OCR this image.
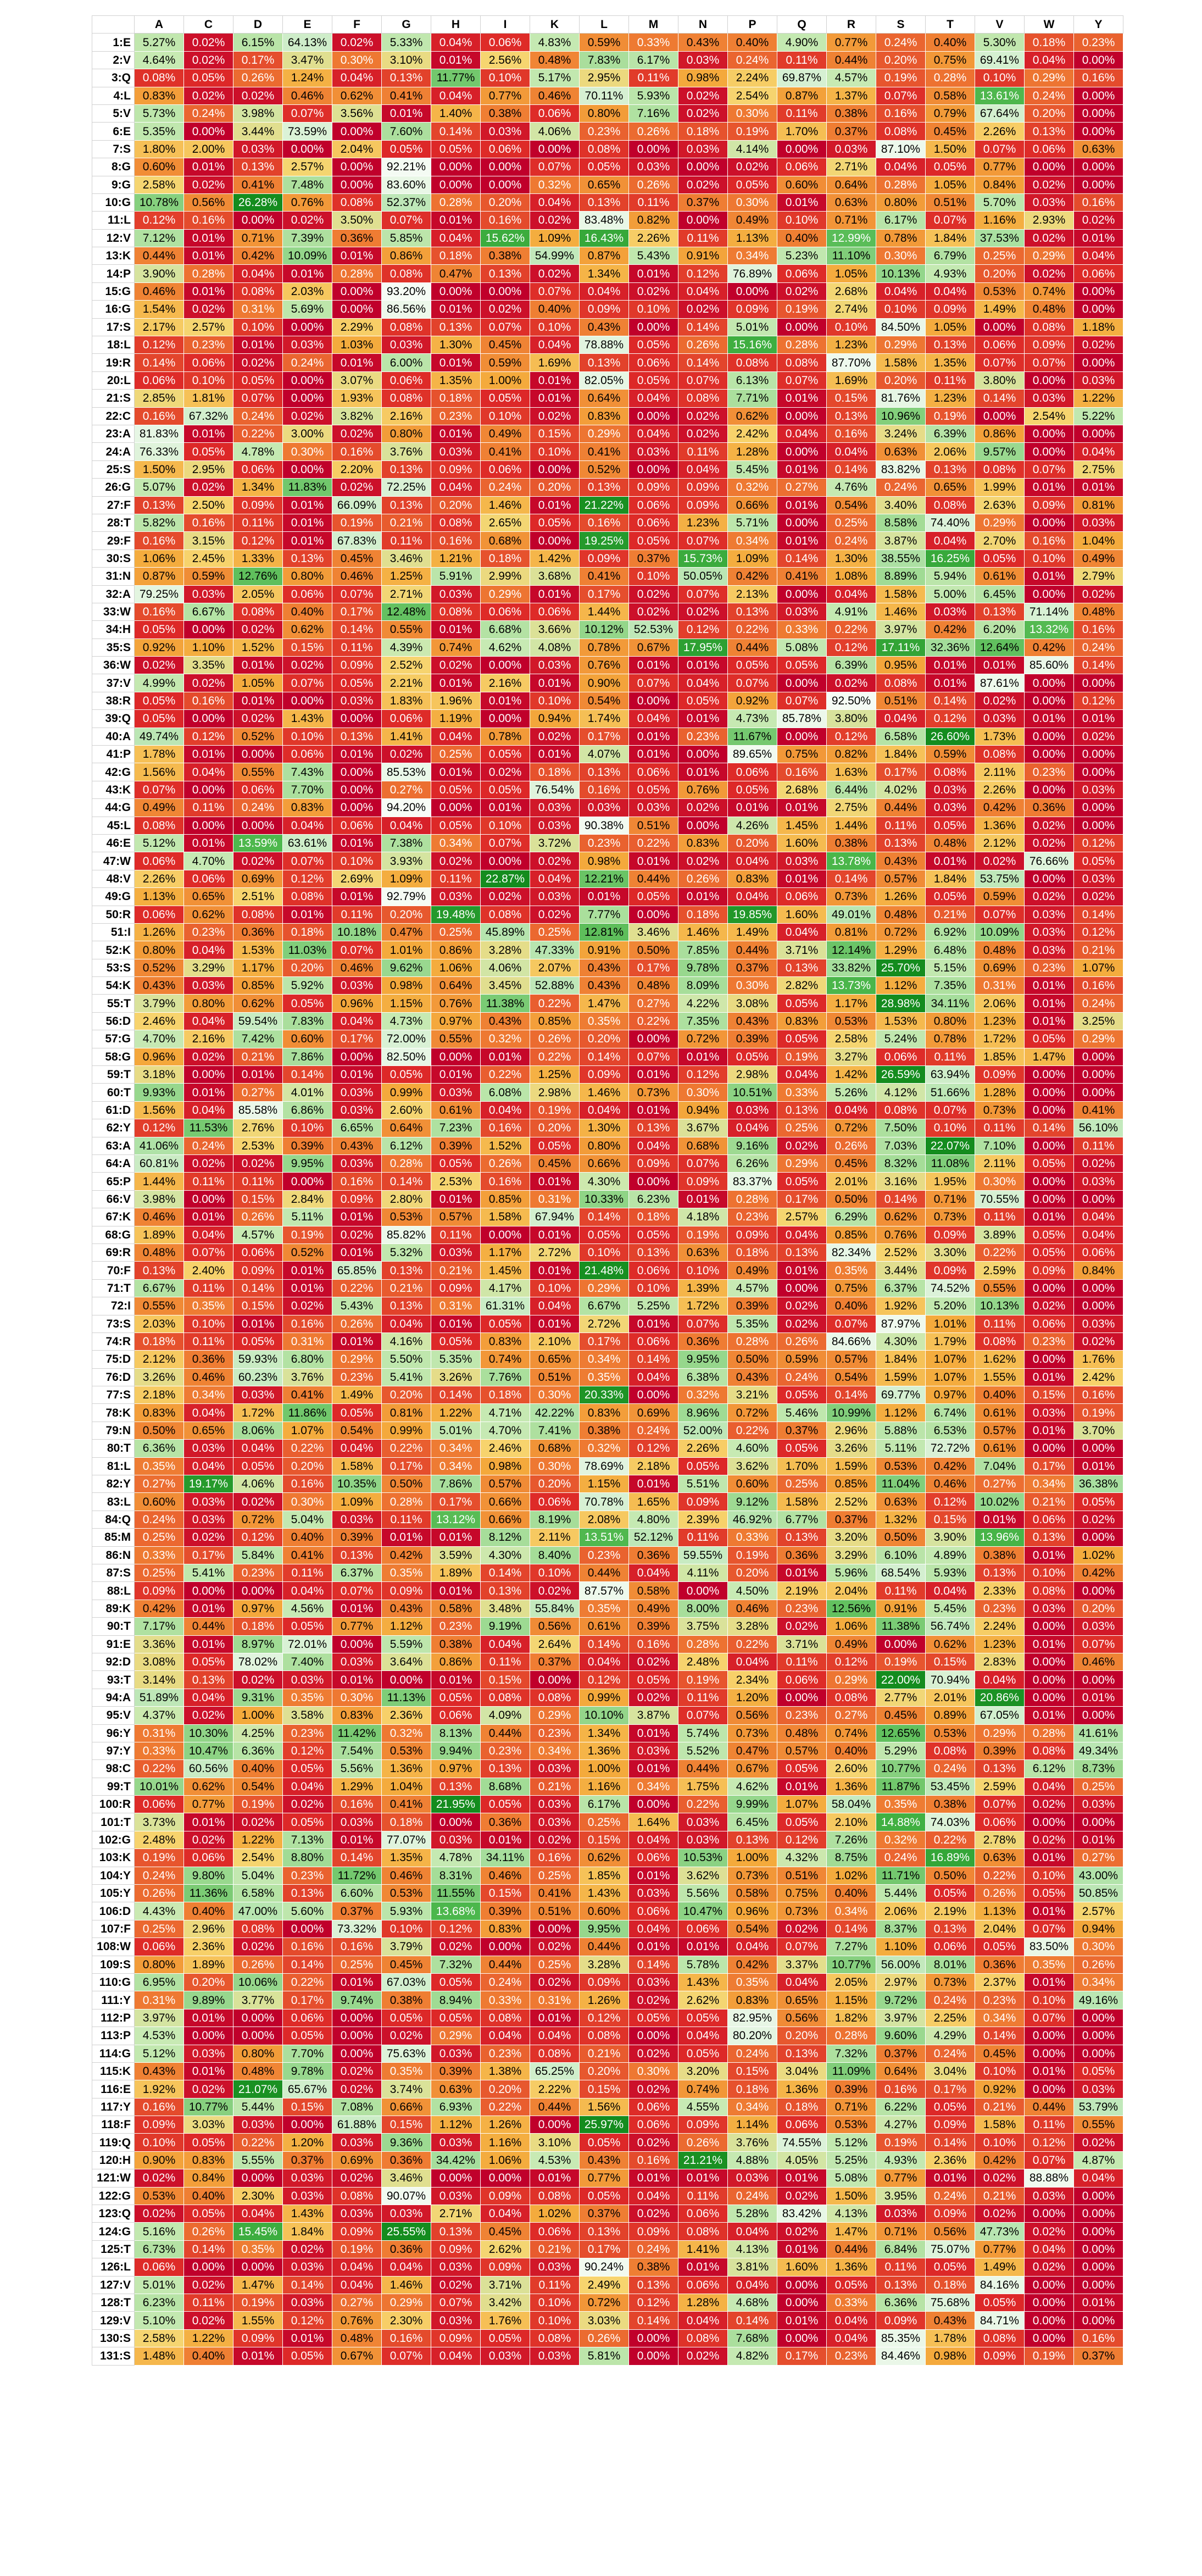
	A	C	D	E	F	G	H	I	K	L	M	N	P	Q	R	S	T	V	W	Y
1:E	5.27%	0.02%	6.15%	64.13%	0.02%	5.33%	0.04%	0.06%	4.83%	0.59%	0.33%	0.43%	0.40%	4.90%	0.77%	0.24%	0.40%	5.30%	0.18%	0.23%
2:V	4.64%	0.02%	0.17%	3.47%	0.30%	3.10%	0.01%	2.56%	0.48%	7.83%	6.17%	0.03%	0.24%	0.11%	0.44%	0.20%	0.75%	69.41%	0.04%	0.00%
3:Q	0.08%	0.05%	0.26%	1.24%	0.04%	0.13%	11.77%	0.10%	5.17%	2.95%	0.11%	0.98%	2.24%	69.87%	4.57%	0.19%	0.28%	0.10%	0.29%	0.16%
4:L	0.83%	0.02%	0.02%	0.46%	0.62%	0.41%	0.04%	0.77%	0.46%	70.11%	5.93%	0.02%	2.54%	0.87%	1.37%	0.07%	0.58%	13.61%	0.24%	0.00%
5:V	5.73%	0.24%	3.98%	0.07%	3.56%	0.01%	1.40%	0.38%	0.06%	0.80%	7.16%	0.02%	0.30%	0.11%	0.38%	0.16%	0.79%	67.64%	0.20%	0.00%
6:E	5.35%	0.00%	3.44%	73.59%	0.00%	7.60%	0.14%	0.03%	4.06%	0.23%	0.26%	0.18%	0.19%	1.70%	0.37%	0.08%	0.45%	2.26%	0.13%	0.00%
7:S	1.80%	2.00%	0.03%	0.00%	2.04%	0.05%	0.05%	0.06%	0.00%	0.08%	0.00%	0.03%	4.14%	0.00%	0.03%	87.10%	1.50%	0.07%	0.06%	0.63%
8:G	0.60%	0.01%	0.13%	2.57%	0.00%	92.21%	0.00%	0.00%	0.07%	0.05%	0.03%	0.00%	0.02%	0.06%	2.71%	0.04%	0.05%	0.77%	0.00%	0.00%
9:G	2.58%	0.02%	0.41%	7.48%	0.00%	83.60%	0.00%	0.00%	0.32%	0.65%	0.26%	0.02%	0.05%	0.60%	0.64%	0.28%	1.05%	0.84%	0.02%	0.00%
10:G	10.78%	0.56%	26.28%	0.76%	0.08%	52.37%	0.28%	0.20%	0.04%	0.13%	0.11%	0.37%	0.30%	0.01%	0.63%	0.80%	0.51%	5.70%	0.03%	0.16%
11:L	0.12%	0.16%	0.00%	0.02%	3.50%	0.07%	0.01%	0.16%	0.02%	83.48%	0.82%	0.00%	0.49%	0.10%	0.71%	6.17%	0.07%	1.16%	2.93%	0.02%
12:V	7.12%	0.01%	0.71%	7.39%	0.36%	5.85%	0.04%	15.62%	1.09%	16.43%	2.26%	0.11%	1.13%	0.40%	12.99%	0.78%	1.84%	37.53%	0.02%	0.01%
13:K	0.44%	0.01%	0.42%	10.09%	0.01%	0.86%	0.18%	0.38%	54.99%	0.87%	5.43%	0.91%	0.34%	5.23%	11.10%	0.30%	6.79%	0.25%	0.29%	0.04%
14:P	3.90%	0.28%	0.04%	0.01%	0.28%	0.08%	0.47%	0.13%	0.02%	1.34%	0.01%	0.12%	76.89%	0.06%	1.05%	10.13%	4.93%	0.20%	0.02%	0.06%
15:G	0.46%	0.01%	0.08%	2.03%	0.00%	93.20%	0.00%	0.00%	0.07%	0.04%	0.02%	0.04%	0.00%	0.02%	2.68%	0.04%	0.04%	0.53%	0.74%	0.00%
16:G	1.54%	0.02%	0.31%	5.69%	0.00%	86.56%	0.01%	0.02%	0.40%	0.09%	0.10%	0.02%	0.09%	0.19%	2.74%	0.10%	0.09%	1.49%	0.48%	0.00%
17:S	2.17%	2.57%	0.10%	0.00%	2.29%	0.08%	0.13%	0.07%	0.10%	0.43%	0.00%	0.14%	5.01%	0.00%	0.10%	84.50%	1.05%	0.00%	0.08%	1.18%
18:L	0.12%	0.23%	0.01%	0.03%	1.03%	0.03%	1.30%	0.45%	0.04%	78.88%	0.05%	0.26%	15.16%	0.28%	1.23%	0.29%	0.13%	0.06%	0.09%	0.02%
19:R	0.14%	0.06%	0.02%	0.24%	0.01%	6.00%	0.01%	0.59%	1.69%	0.13%	0.06%	0.14%	0.08%	0.08%	87.70%	1.58%	1.35%	0.07%	0.07%	0.00%
20:L	0.06%	0.10%	0.05%	0.00%	3.07%	0.06%	1.35%	1.00%	0.01%	82.05%	0.05%	0.07%	6.13%	0.07%	1.69%	0.20%	0.11%	3.80%	0.00%	0.03%
21:S	2.85%	1.81%	0.07%	0.00%	1.93%	0.08%	0.18%	0.05%	0.01%	0.64%	0.04%	0.08%	7.71%	0.01%	0.15%	81.76%	1.23%	0.14%	0.03%	1.22%
22:C	0.16%	67.32%	0.24%	0.02%	3.82%	2.16%	0.23%	0.10%	0.02%	0.83%	0.00%	0.02%	0.62%	0.00%	0.13%	10.96%	0.19%	0.00%	2.54%	5.22%
23:A	81.83%	0.01%	0.22%	3.00%	0.02%	0.80%	0.01%	0.49%	0.15%	0.29%	0.04%	0.02%	2.42%	0.04%	0.16%	3.24%	6.39%	0.86%	0.00%	0.00%
24:A	76.33%	0.05%	4.78%	0.30%	0.16%	3.76%	0.03%	0.41%	0.10%	0.41%	0.03%	0.11%	1.28%	0.00%	0.04%	0.63%	2.06%	9.57%	0.00%	0.04%
25:S	1.50%	2.95%	0.06%	0.00%	2.20%	0.13%	0.09%	0.06%	0.00%	0.52%	0.00%	0.04%	5.45%	0.01%	0.14%	83.82%	0.13%	0.08%	0.07%	2.75%
26:G	5.07%	0.02%	1.34%	11.83%	0.02%	72.25%	0.04%	0.24%	0.20%	0.13%	0.09%	0.09%	0.32%	0.27%	4.76%	0.24%	0.65%	1.99%	0.01%	0.01%
27:F	0.13%	2.50%	0.09%	0.01%	66.09%	0.13%	0.20%	1.46%	0.01%	21.22%	0.06%	0.09%	0.66%	0.01%	0.54%	3.40%	0.08%	2.63%	0.09%	0.81%
28:T	5.82%	0.16%	0.11%	0.01%	0.19%	0.21%	0.08%	2.65%	0.05%	0.16%	0.06%	1.23%	5.71%	0.00%	0.25%	8.58%	74.40%	0.29%	0.00%	0.03%
29:F	0.16%	3.15%	0.12%	0.01%	67.83%	0.11%	0.16%	0.68%	0.00%	19.25%	0.05%	0.07%	0.34%	0.01%	0.24%	3.87%	0.04%	2.70%	0.16%	1.04%
30:S	1.06%	2.45%	1.33%	0.13%	0.45%	3.46%	1.21%	0.18%	1.42%	0.09%	0.37%	15.73%	1.09%	0.14%	1.30%	38.55%	16.25%	0.05%	0.10%	0.49%
31:N	0.87%	0.59%	12.76%	0.80%	0.46%	1.25%	5.91%	2.99%	3.68%	0.41%	0.10%	50.05%	0.42%	0.41%	1.08%	8.89%	5.94%	0.61%	0.01%	2.79%
32:A	79.25%	0.03%	2.05%	0.06%	0.07%	2.71%	0.03%	0.29%	0.01%	0.17%	0.02%	0.07%	2.13%	0.00%	0.04%	1.58%	5.00%	6.45%	0.00%	0.02%
33:W	0.16%	6.67%	0.08%	0.40%	0.17%	12.48%	0.08%	0.06%	0.06%	1.44%	0.02%	0.02%	0.13%	0.03%	4.91%	1.46%	0.03%	0.13%	71.14%	0.48%
34:H	0.05%	0.00%	0.02%	0.62%	0.14%	0.55%	0.01%	6.68%	3.66%	10.12%	52.53%	0.12%	0.22%	0.33%	0.22%	3.97%	0.42%	6.20%	13.32%	0.16%
35:S	0.92%	1.10%	1.52%	0.15%	0.11%	4.39%	0.74%	4.62%	4.08%	0.78%	0.67%	17.95%	0.44%	5.08%	0.12%	17.11%	32.36%	12.64%	0.42%	0.24%
36:W	0.02%	3.35%	0.01%	0.02%	0.09%	2.52%	0.02%	0.00%	0.03%	0.76%	0.01%	0.01%	0.05%	0.05%	6.39%	0.95%	0.01%	0.01%	85.60%	0.14%
37:V	4.99%	0.02%	1.05%	0.07%	0.05%	2.21%	0.01%	2.16%	0.01%	0.90%	0.07%	0.04%	0.07%	0.00%	0.02%	0.08%	0.01%	87.61%	0.00%	0.00%
38:R	0.05%	0.16%	0.01%	0.00%	0.03%	1.83%	1.96%	0.01%	0.10%	0.54%	0.00%	0.05%	0.92%	0.07%	92.50%	0.51%	0.14%	0.02%	0.00%	0.12%
39:Q	0.05%	0.00%	0.02%	1.43%	0.00%	0.06%	1.19%	0.00%	0.94%	1.74%	0.04%	0.01%	4.73%	85.78%	3.80%	0.04%	0.12%	0.03%	0.01%	0.01%
40:A	49.74%	0.12%	0.52%	0.10%	0.13%	1.41%	0.04%	0.78%	0.02%	0.17%	0.01%	0.23%	11.67%	0.00%	0.12%	6.58%	26.60%	1.73%	0.00%	0.02%
41:P	1.78%	0.01%	0.00%	0.06%	0.01%	0.02%	0.25%	0.05%	0.01%	4.07%	0.01%	0.00%	89.65%	0.75%	0.82%	1.84%	0.59%	0.08%	0.00%	0.00%
42:G	1.56%	0.04%	0.55%	7.43%	0.00%	85.53%	0.01%	0.02%	0.18%	0.13%	0.06%	0.01%	0.06%	0.16%	1.63%	0.17%	0.08%	2.11%	0.23%	0.00%
43:K	0.07%	0.00%	0.06%	7.70%	0.00%	0.27%	0.05%	0.05%	76.54%	0.16%	0.05%	0.76%	0.05%	2.68%	6.44%	4.02%	0.03%	2.26%	0.00%	0.03%
44:G	0.49%	0.11%	0.24%	0.83%	0.00%	94.20%	0.00%	0.01%	0.03%	0.03%	0.03%	0.02%	0.01%	0.01%	2.75%	0.44%	0.03%	0.42%	0.36%	0.00%
45:L	0.08%	0.00%	0.00%	0.04%	0.06%	0.04%	0.05%	0.10%	0.03%	90.38%	0.51%	0.00%	4.26%	1.45%	1.44%	0.11%	0.05%	1.36%	0.02%	0.00%
46:E	5.12%	0.01%	13.59%	63.61%	0.01%	7.38%	0.34%	0.07%	3.72%	0.23%	0.22%	0.83%	0.20%	1.60%	0.38%	0.13%	0.48%	2.12%	0.02%	0.12%
47:W	0.06%	4.70%	0.02%	0.07%	0.10%	3.93%	0.02%	0.00%	0.02%	0.98%	0.01%	0.02%	0.04%	0.03%	13.78%	0.43%	0.01%	0.02%	76.66%	0.05%
48:V	2.26%	0.06%	0.69%	0.12%	2.69%	1.09%	0.11%	22.87%	0.04%	12.21%	0.44%	0.26%	0.83%	0.01%	0.14%	0.57%	1.84%	53.75%	0.00%	0.03%
49:G	1.13%	0.65%	2.51%	0.08%	0.01%	92.79%	0.03%	0.02%	0.03%	0.01%	0.05%	0.01%	0.04%	0.06%	0.73%	1.26%	0.05%	0.59%	0.02%	0.02%
50:R	0.06%	0.62%	0.08%	0.01%	0.11%	0.20%	19.48%	0.08%	0.02%	7.77%	0.00%	0.18%	19.85%	1.60%	49.01%	0.48%	0.21%	0.07%	0.03%	0.14%
51:I	1.26%	0.23%	0.36%	0.18%	10.18%	0.47%	0.25%	45.89%	0.25%	12.81%	3.46%	1.46%	1.49%	0.04%	0.81%	0.72%	6.92%	10.09%	0.03%	0.12%
52:K	0.80%	0.04%	1.53%	11.03%	0.07%	1.01%	0.86%	3.28%	47.33%	0.91%	0.50%	7.85%	0.44%	3.71%	12.14%	1.29%	6.48%	0.48%	0.03%	0.21%
53:S	0.52%	3.29%	1.17%	0.20%	0.46%	9.62%	1.06%	4.06%	2.07%	0.43%	0.17%	9.78%	0.37%	0.13%	33.82%	25.70%	5.15%	0.69%	0.23%	1.07%
54:K	0.43%	0.03%	0.85%	5.92%	0.03%	0.98%	0.64%	3.45%	52.88%	0.43%	0.48%	8.09%	0.30%	2.82%	13.73%	1.12%	7.35%	0.31%	0.01%	0.16%
55:T	3.79%	0.80%	0.62%	0.05%	0.96%	1.15%	0.76%	11.38%	0.22%	1.47%	0.27%	4.22%	3.08%	0.05%	1.17%	28.98%	34.11%	2.06%	0.01%	0.24%
56:D	2.46%	0.04%	59.54%	7.83%	0.04%	4.73%	0.97%	0.43%	0.85%	0.35%	0.22%	7.35%	0.43%	0.83%	0.53%	1.53%	0.80%	1.23%	0.01%	3.25%
57:G	4.70%	2.16%	7.42%	0.60%	0.17%	72.00%	0.55%	0.32%	0.26%	0.20%	0.00%	0.72%	0.39%	0.05%	2.58%	5.24%	0.78%	1.72%	0.05%	0.29%
58:G	0.96%	0.02%	0.21%	7.86%	0.00%	82.50%	0.00%	0.01%	0.22%	0.14%	0.07%	0.01%	0.05%	0.19%	3.27%	0.06%	0.11%	1.85%	1.47%	0.00%
59:T	3.18%	0.00%	0.01%	0.14%	0.01%	0.05%	0.01%	0.22%	1.25%	0.09%	0.01%	0.12%	2.98%	0.04%	1.42%	26.59%	63.94%	0.09%	0.00%	0.00%
60:T	9.93%	0.01%	0.27%	4.01%	0.03%	0.99%	0.03%	6.08%	2.98%	1.46%	0.73%	0.30%	10.51%	0.33%	5.26%	4.12%	51.66%	1.28%	0.00%	0.00%
61:D	1.56%	0.04%	85.58%	6.86%	0.03%	2.60%	0.61%	0.04%	0.19%	0.04%	0.01%	0.94%	0.03%	0.13%	0.04%	0.08%	0.07%	0.73%	0.00%	0.41%
62:Y	0.12%	11.53%	2.76%	0.10%	6.65%	0.64%	7.23%	0.16%	0.20%	1.30%	0.13%	3.67%	0.04%	0.25%	0.72%	7.50%	0.10%	0.11%	0.14%	56.10%
63:A	41.06%	0.24%	2.53%	0.39%	0.43%	6.12%	0.39%	1.52%	0.05%	0.80%	0.04%	0.68%	9.16%	0.02%	0.26%	7.03%	22.07%	7.10%	0.00%	0.11%
64:A	60.81%	0.02%	0.02%	9.95%	0.03%	0.28%	0.05%	0.26%	0.45%	0.66%	0.09%	0.07%	6.26%	0.29%	0.45%	8.32%	11.08%	2.11%	0.05%	0.02%
65:P	1.44%	0.11%	0.11%	0.00%	0.16%	0.14%	2.53%	0.16%	0.01%	4.30%	0.00%	0.09%	83.37%	0.05%	2.01%	3.16%	1.95%	0.30%	0.00%	0.03%
66:V	3.98%	0.00%	0.15%	2.84%	0.09%	2.80%	0.01%	0.85%	0.31%	10.33%	6.23%	0.01%	0.28%	0.17%	0.50%	0.14%	0.71%	70.55%	0.00%	0.00%
67:K	0.46%	0.01%	0.26%	5.11%	0.01%	0.53%	0.57%	1.58%	67.94%	0.14%	0.18%	4.18%	0.23%	2.57%	6.29%	0.62%	0.73%	0.11%	0.01%	0.04%
68:G	1.89%	0.04%	4.57%	0.19%	0.02%	85.82%	0.11%	0.00%	0.01%	0.05%	0.05%	0.19%	0.09%	0.04%	0.85%	0.76%	0.09%	3.89%	0.05%	0.04%
69:R	0.48%	0.07%	0.06%	0.52%	0.01%	5.32%	0.03%	1.17%	2.72%	0.10%	0.13%	0.63%	0.18%	0.13%	82.34%	2.52%	3.30%	0.22%	0.05%	0.06%
70:F	0.13%	2.40%	0.09%	0.01%	65.85%	0.13%	0.21%	1.45%	0.01%	21.48%	0.06%	0.10%	0.49%	0.01%	0.35%	3.44%	0.09%	2.59%	0.09%	0.84%
71:T	6.67%	0.11%	0.14%	0.01%	0.22%	0.21%	0.09%	4.17%	0.10%	0.29%	0.10%	1.39%	4.57%	0.00%	0.75%	6.37%	74.52%	0.55%	0.00%	0.00%
72:I	0.55%	0.35%	0.15%	0.02%	5.43%	0.13%	0.31%	61.31%	0.04%	6.67%	5.25%	1.72%	0.39%	0.02%	0.40%	1.92%	5.20%	10.13%	0.02%	0.00%
73:S	2.03%	0.10%	0.01%	0.16%	0.26%	0.04%	0.01%	0.05%	0.01%	2.72%	0.01%	0.07%	5.35%	0.02%	0.07%	87.97%	1.01%	0.11%	0.06%	0.03%
74:R	0.18%	0.11%	0.05%	0.31%	0.01%	4.16%	0.05%	0.83%	2.10%	0.17%	0.06%	0.36%	0.28%	0.26%	84.66%	4.30%	1.79%	0.08%	0.23%	0.02%
75:D	2.12%	0.36%	59.93%	6.80%	0.29%	5.50%	5.35%	0.74%	0.65%	0.34%	0.14%	9.95%	0.50%	0.59%	0.57%	1.84%	1.07%	1.62%	0.00%	1.76%
76:D	3.26%	0.46%	60.23%	3.76%	0.23%	5.41%	3.26%	7.76%	0.51%	0.35%	0.04%	6.38%	0.43%	0.24%	0.54%	1.59%	1.07%	1.55%	0.01%	2.42%
77:S	2.18%	0.34%	0.03%	0.41%	1.49%	0.20%	0.14%	0.18%	0.30%	20.33%	0.00%	0.32%	3.21%	0.05%	0.14%	69.77%	0.97%	0.40%	0.15%	0.16%
78:K	0.83%	0.04%	1.72%	11.86%	0.05%	0.81%	1.22%	4.71%	42.22%	0.83%	0.69%	8.96%	0.72%	5.46%	10.99%	1.12%	6.74%	0.61%	0.03%	0.19%
79:N	0.50%	0.65%	8.06%	1.07%	0.54%	0.99%	5.01%	4.70%	7.41%	0.38%	0.24%	52.00%	0.22%	0.37%	2.96%	5.88%	6.53%	0.57%	0.01%	3.70%
80:T	6.36%	0.03%	0.04%	0.22%	0.04%	0.22%	0.34%	2.46%	0.68%	0.32%	0.12%	2.26%	4.60%	0.05%	3.26%	5.11%	72.72%	0.61%	0.00%	0.00%
81:L	0.35%	0.04%	0.05%	0.20%	1.58%	0.17%	0.34%	0.98%	0.30%	78.69%	2.18%	0.05%	3.62%	1.70%	1.59%	0.53%	0.42%	7.04%	0.17%	0.01%
82:Y	0.27%	19.17%	4.06%	0.16%	10.35%	0.50%	7.86%	0.57%	0.20%	1.15%	0.01%	5.51%	0.60%	0.25%	0.85%	11.04%	0.46%	0.27%	0.34%	36.38%
83:L	0.60%	0.03%	0.02%	0.30%	1.09%	0.28%	0.17%	0.66%	0.06%	70.78%	1.65%	0.09%	9.12%	1.58%	2.52%	0.63%	0.12%	10.02%	0.21%	0.05%
84:Q	0.24%	0.03%	0.72%	5.04%	0.03%	0.11%	13.12%	0.66%	8.19%	2.08%	4.80%	2.39%	46.92%	6.77%	0.37%	1.32%	0.15%	0.01%	0.06%	0.02%
85:M	0.25%	0.02%	0.12%	0.40%	0.39%	0.01%	0.01%	8.12%	2.11%	13.51%	52.12%	0.11%	0.33%	0.13%	3.20%	0.50%	3.90%	13.96%	0.13%	0.00%
86:N	0.33%	0.17%	5.84%	0.41%	0.13%	0.42%	3.59%	4.30%	8.40%	0.23%	0.36%	59.55%	0.19%	0.36%	3.29%	6.10%	4.89%	0.38%	0.01%	1.02%
87:S	0.25%	5.41%	0.23%	0.11%	6.37%	0.35%	1.89%	0.14%	0.10%	0.44%	0.04%	4.11%	0.20%	0.01%	5.96%	68.54%	5.93%	0.13%	0.10%	0.42%
88:L	0.09%	0.00%	0.00%	0.04%	0.07%	0.09%	0.01%	0.13%	0.02%	87.57%	0.58%	0.00%	4.50%	2.19%	2.04%	0.11%	0.04%	2.33%	0.08%	0.00%
89:K	0.42%	0.01%	0.97%	4.56%	0.01%	0.43%	0.58%	3.48%	55.84%	0.35%	0.49%	8.00%	0.46%	0.23%	12.56%	0.91%	5.45%	0.23%	0.03%	0.20%
90:T	7.17%	0.44%	0.18%	0.05%	0.77%	1.12%	0.23%	9.19%	0.56%	0.61%	0.39%	3.75%	3.28%	0.02%	1.06%	11.38%	56.74%	2.24%	0.00%	0.03%
91:E	3.36%	0.01%	8.97%	72.01%	0.00%	5.59%	0.38%	0.04%	2.64%	0.14%	0.16%	0.28%	0.22%	3.71%	0.49%	0.00%	0.62%	1.23%	0.01%	0.07%
92:D	3.08%	0.05%	78.02%	7.40%	0.03%	3.64%	0.86%	0.11%	0.37%	0.04%	0.02%	2.48%	0.04%	0.11%	0.12%	0.19%	0.15%	2.83%	0.00%	0.46%
93:T	3.14%	0.13%	0.02%	0.03%	0.01%	0.00%	0.01%	0.15%	0.00%	0.12%	0.05%	0.19%	2.34%	0.06%	0.29%	22.00%	70.94%	0.04%	0.00%	0.00%
94:A	51.89%	0.04%	9.31%	0.35%	0.30%	11.13%	0.05%	0.08%	0.08%	0.99%	0.02%	0.11%	1.20%	0.00%	0.08%	2.77%	2.01%	20.86%	0.00%	0.01%
95:V	4.37%	0.02%	1.00%	3.58%	0.83%	2.36%	0.06%	4.09%	0.29%	10.10%	3.87%	0.07%	0.56%	0.23%	0.27%	0.45%	0.89%	67.05%	0.01%	0.00%
96:Y	0.31%	10.30%	4.25%	0.23%	11.42%	0.32%	8.13%	0.44%	0.23%	1.34%	0.01%	5.74%	0.73%	0.48%	0.74%	12.65%	0.53%	0.29%	0.28%	41.61%
97:Y	0.33%	10.47%	6.36%	0.12%	7.54%	0.53%	9.94%	0.23%	0.34%	1.36%	0.03%	5.52%	0.47%	0.57%	0.40%	5.29%	0.08%	0.39%	0.08%	49.34%
98:C	0.22%	60.56%	0.40%	0.05%	5.56%	1.36%	0.97%	0.13%	0.03%	1.00%	0.01%	0.44%	0.67%	0.05%	2.60%	10.77%	0.24%	0.13%	6.12%	8.73%
99:T	10.01%	0.62%	0.54%	0.04%	1.29%	1.04%	0.13%	8.68%	0.21%	1.16%	0.34%	1.75%	4.62%	0.01%	1.36%	11.87%	53.45%	2.59%	0.04%	0.25%
100:R	0.06%	0.77%	0.19%	0.02%	0.16%	0.41%	21.95%	0.05%	0.03%	6.17%	0.00%	0.22%	9.99%	1.07%	58.04%	0.35%	0.38%	0.07%	0.02%	0.03%
101:T	3.73%	0.01%	0.02%	0.05%	0.03%	0.18%	0.00%	0.36%	0.03%	0.25%	1.64%	0.03%	6.45%	0.05%	2.10%	14.88%	74.03%	0.06%	0.00%	0.00%
102:G	2.48%	0.02%	1.22%	7.13%	0.01%	77.07%	0.03%	0.01%	0.02%	0.15%	0.04%	0.03%	0.13%	0.12%	7.26%	0.32%	0.22%	2.78%	0.02%	0.01%
103:K	0.19%	0.06%	2.54%	8.80%	0.14%	1.35%	4.78%	34.11%	0.16%	0.62%	0.06%	10.53%	1.00%	4.32%	8.75%	0.24%	16.89%	0.63%	0.01%	0.27%
104:Y	0.24%	9.80%	5.04%	0.23%	11.72%	0.46%	8.31%	0.46%	0.25%	1.85%	0.01%	3.62%	0.73%	0.51%	1.02%	11.71%	0.50%	0.22%	0.10%	43.00%
105:Y	0.26%	11.36%	6.58%	0.13%	6.60%	0.53%	11.55%	0.15%	0.41%	1.43%	0.03%	5.56%	0.58%	0.75%	0.40%	5.44%	0.05%	0.26%	0.05%	50.85%
106:D	4.43%	0.40%	47.00%	5.60%	0.37%	5.93%	13.68%	0.39%	0.51%	0.60%	0.06%	10.47%	0.96%	0.73%	0.34%	2.06%	2.19%	1.13%	0.01%	2.57%
107:F	0.25%	2.96%	0.08%	0.00%	73.32%	0.10%	0.12%	0.83%	0.00%	9.95%	0.04%	0.06%	0.54%	0.02%	0.14%	8.37%	0.13%	2.04%	0.07%	0.94%
108:W	0.06%	2.36%	0.02%	0.16%	0.16%	3.79%	0.02%	0.00%	0.02%	0.44%	0.01%	0.01%	0.04%	0.07%	7.27%	1.10%	0.06%	0.05%	83.50%	0.30%
109:S	0.80%	1.89%	0.26%	0.14%	0.25%	0.45%	7.32%	0.44%	0.25%	3.28%	0.14%	5.78%	0.42%	3.37%	10.77%	56.00%	8.01%	0.36%	0.35%	0.26%
110:G	6.95%	0.20%	10.06%	0.22%	0.01%	67.03%	0.05%	0.24%	0.02%	0.09%	0.03%	1.43%	0.35%	0.04%	2.05%	2.97%	0.73%	2.37%	0.01%	0.34%
111:Y	0.31%	9.89%	3.77%	0.17%	9.74%	0.38%	8.94%	0.33%	0.31%	1.26%	0.02%	2.62%	0.83%	0.65%	1.15%	9.72%	0.24%	0.23%	0.10%	49.16%
112:P	3.97%	0.01%	0.00%	0.06%	0.00%	0.05%	0.05%	0.08%	0.01%	0.12%	0.05%	0.05%	82.95%	0.56%	1.82%	3.97%	2.25%	0.34%	0.07%	0.00%
113:P	4.53%	0.00%	0.00%	0.05%	0.00%	0.02%	0.29%	0.04%	0.04%	0.08%	0.00%	0.04%	80.20%	0.20%	0.28%	9.60%	4.29%	0.14%	0.00%	0.00%
114:G	5.12%	0.03%	0.80%	7.70%	0.00%	75.63%	0.03%	0.23%	0.08%	0.21%	0.02%	0.05%	0.24%	0.13%	7.32%	0.37%	0.24%	0.45%	0.00%	0.00%
115:K	0.43%	0.01%	0.48%	9.78%	0.02%	0.35%	0.39%	1.38%	65.25%	0.20%	0.30%	3.20%	0.15%	3.04%	11.09%	0.64%	3.04%	0.10%	0.01%	0.05%
116:E	1.92%	0.02%	21.07%	65.67%	0.02%	3.74%	0.63%	0.20%	2.22%	0.15%	0.02%	0.74%	0.18%	1.36%	0.39%	0.16%	0.17%	0.92%	0.00%	0.03%
117:Y	0.16%	10.77%	5.44%	0.15%	7.08%	0.66%	6.93%	0.22%	0.44%	1.56%	0.06%	4.55%	0.34%	0.18%	0.71%	6.22%	0.05%	0.21%	0.44%	53.79%
118:F	0.09%	3.03%	0.03%	0.00%	61.88%	0.15%	1.12%	1.26%	0.00%	25.97%	0.06%	0.09%	1.14%	0.06%	0.53%	4.27%	0.09%	1.58%	0.11%	0.55%
119:Q	0.10%	0.05%	0.22%	1.20%	0.03%	9.36%	0.03%	1.16%	3.10%	0.05%	0.02%	0.26%	3.76%	74.55%	5.12%	0.19%	0.14%	0.10%	0.12%	0.02%
120:H	0.90%	0.83%	5.55%	0.37%	0.69%	0.36%	34.42%	1.06%	4.53%	0.43%	0.16%	21.21%	4.88%	4.05%	5.25%	4.93%	2.36%	0.42%	0.07%	4.87%
121:W	0.02%	0.84%	0.00%	0.03%	0.02%	3.46%	0.00%	0.00%	0.01%	0.77%	0.01%	0.01%	0.03%	0.01%	5.08%	0.77%	0.01%	0.02%	88.88%	0.04%
122:G	0.53%	0.40%	2.30%	0.03%	0.08%	90.07%	0.03%	0.09%	0.08%	0.05%	0.04%	0.11%	0.24%	0.02%	1.50%	3.95%	0.24%	0.21%	0.03%	0.00%
123:Q	0.02%	0.05%	0.04%	1.43%	0.03%	0.03%	2.71%	0.04%	1.02%	0.37%	0.02%	0.06%	5.28%	83.42%	4.13%	0.03%	0.09%	0.02%	0.00%	0.00%
124:G	5.16%	0.26%	15.45%	1.84%	0.09%	25.55%	0.13%	0.45%	0.06%	0.13%	0.09%	0.08%	0.04%	0.02%	1.47%	0.71%	0.56%	47.73%	0.02%	0.00%
125:T	6.73%	0.14%	0.35%	0.02%	0.19%	0.36%	0.09%	2.62%	0.21%	0.17%	0.24%	1.41%	4.13%	0.01%	0.44%	6.84%	75.07%	0.77%	0.04%	0.00%
126:L	0.06%	0.00%	0.00%	0.03%	0.04%	0.04%	0.03%	0.09%	0.03%	90.24%	0.38%	0.01%	3.81%	1.60%	1.36%	0.11%	0.05%	1.49%	0.02%	0.00%
127:V	5.01%	0.02%	1.47%	0.14%	0.04%	1.46%	0.02%	3.71%	0.11%	2.49%	0.13%	0.06%	0.04%	0.00%	0.05%	0.13%	0.18%	84.16%	0.00%	0.00%
128:T	6.23%	0.11%	0.19%	0.03%	0.27%	0.29%	0.07%	3.42%	0.10%	0.72%	0.12%	1.28%	4.68%	0.00%	0.33%	6.36%	75.68%	0.05%	0.00%	0.01%
129:V	5.10%	0.02%	1.55%	0.12%	0.76%	2.30%	0.03%	1.76%	0.10%	3.03%	0.14%	0.04%	0.14%	0.01%	0.04%	0.09%	0.43%	84.71%	0.00%	0.00%
130:S	2.58%	1.22%	0.09%	0.01%	0.48%	0.16%	0.09%	0.05%	0.08%	0.26%	0.00%	0.08%	7.68%	0.00%	0.04%	85.35%	1.78%	0.08%	0.00%	0.16%
131:S	1.48%	0.40%	0.01%	0.05%	0.67%	0.07%	0.04%	0.03%	0.03%	5.81%	0.00%	0.02%	4.82%	0.17%	0.23%	84.46%	0.98%	0.09%	0.19%	0.37%
